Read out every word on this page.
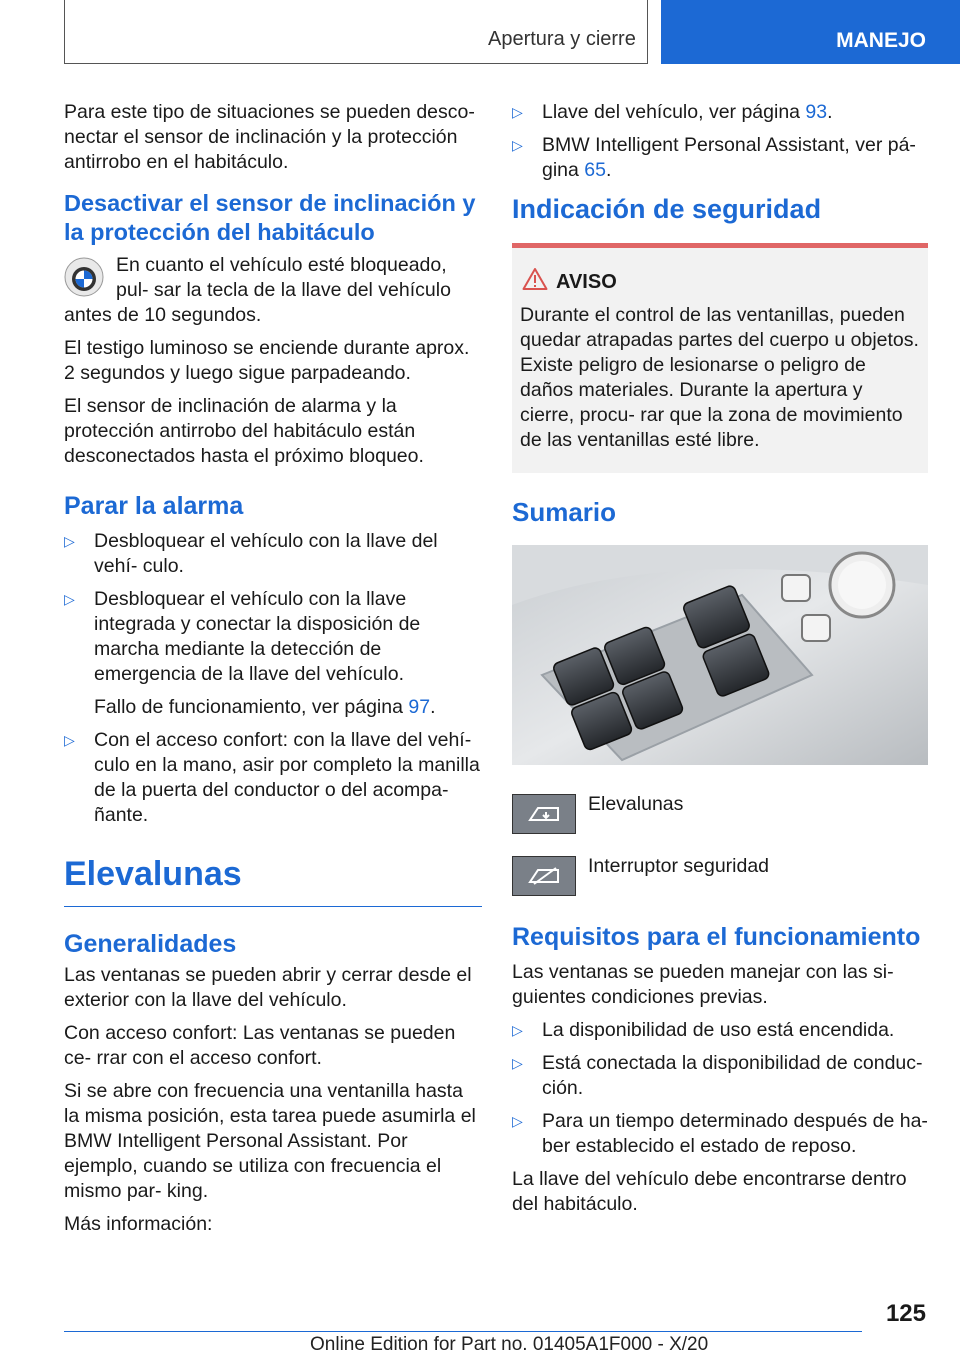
Apertura y cierre	MANEJO

Para este tipo de situaciones se pueden desco- nectar el sensor de inclinación y la protección antirrobo en el habitáculo.

Desactivar el sensor de inclinación y la protección del habitáculo

En cuanto el vehículo esté bloqueado, pul- sar la tecla de la llave del vehículo antes de 10 segundos.

El testigo luminoso se enciende durante aprox. 2 segundos y luego sigue parpadeando.

El sensor de inclinación de alarma y la protección antirrobo del habitáculo están desconectados hasta el próximo bloqueo.

Parar la alarma
▷ Desbloquear el vehículo con la llave del vehí- culo.
▷ Desbloquear el vehículo con la llave integrada y conectar la disposición de marcha mediante la detección de emergencia de la llave del vehículo.
Fallo de funcionamiento, ver página 97.
▷ Con el acceso confort: con la llave del vehí- culo en la mano, asir por completo la manilla de la puerta del conductor o del acompa- ñante.
Elevalunas
Generalidades

Las ventanas se pueden abrir y cerrar desde el exterior con la llave del vehículo.

Con acceso confort: Las ventanas se pueden ce- rrar con el acceso confort.

Si se abre con frecuencia una ventanilla hasta la misma posición, esta tarea puede asumirla el BMW Intelligent Personal Assistant. Por ejemplo, cuando se utiliza con frecuencia el mismo par- king.

Más información:

▷ Llave del vehículo, ver página 93.
▷ BMW Intelligent Personal Assistant, ver pá- gina 65.
Indicación de seguridad
AVISO
Durante el control de las ventanillas, pueden quedar atrapadas partes del cuerpo u objetos. Existe peligro de lesionarse o peligro de daños materiales. Durante la apertura y cierre, procu- rar que la zona de movimiento de las ventanillas esté libre.
Sumario
Elevalunas
Interruptor seguridad
Requisitos para el funcionamiento

Las ventanas se pueden manejar con las si- guientes condiciones previas.

▷ La disponibilidad de uso está encendida.
▷ Está conectada la disponibilidad de conduc- ción.
▷ Para un tiempo determinado después de ha- ber establecido el estado de reposo.

La llave del vehículo debe encontrarse dentro del habitáculo.

125
Online Edition for Part no. 01405A1F000 - X/20
